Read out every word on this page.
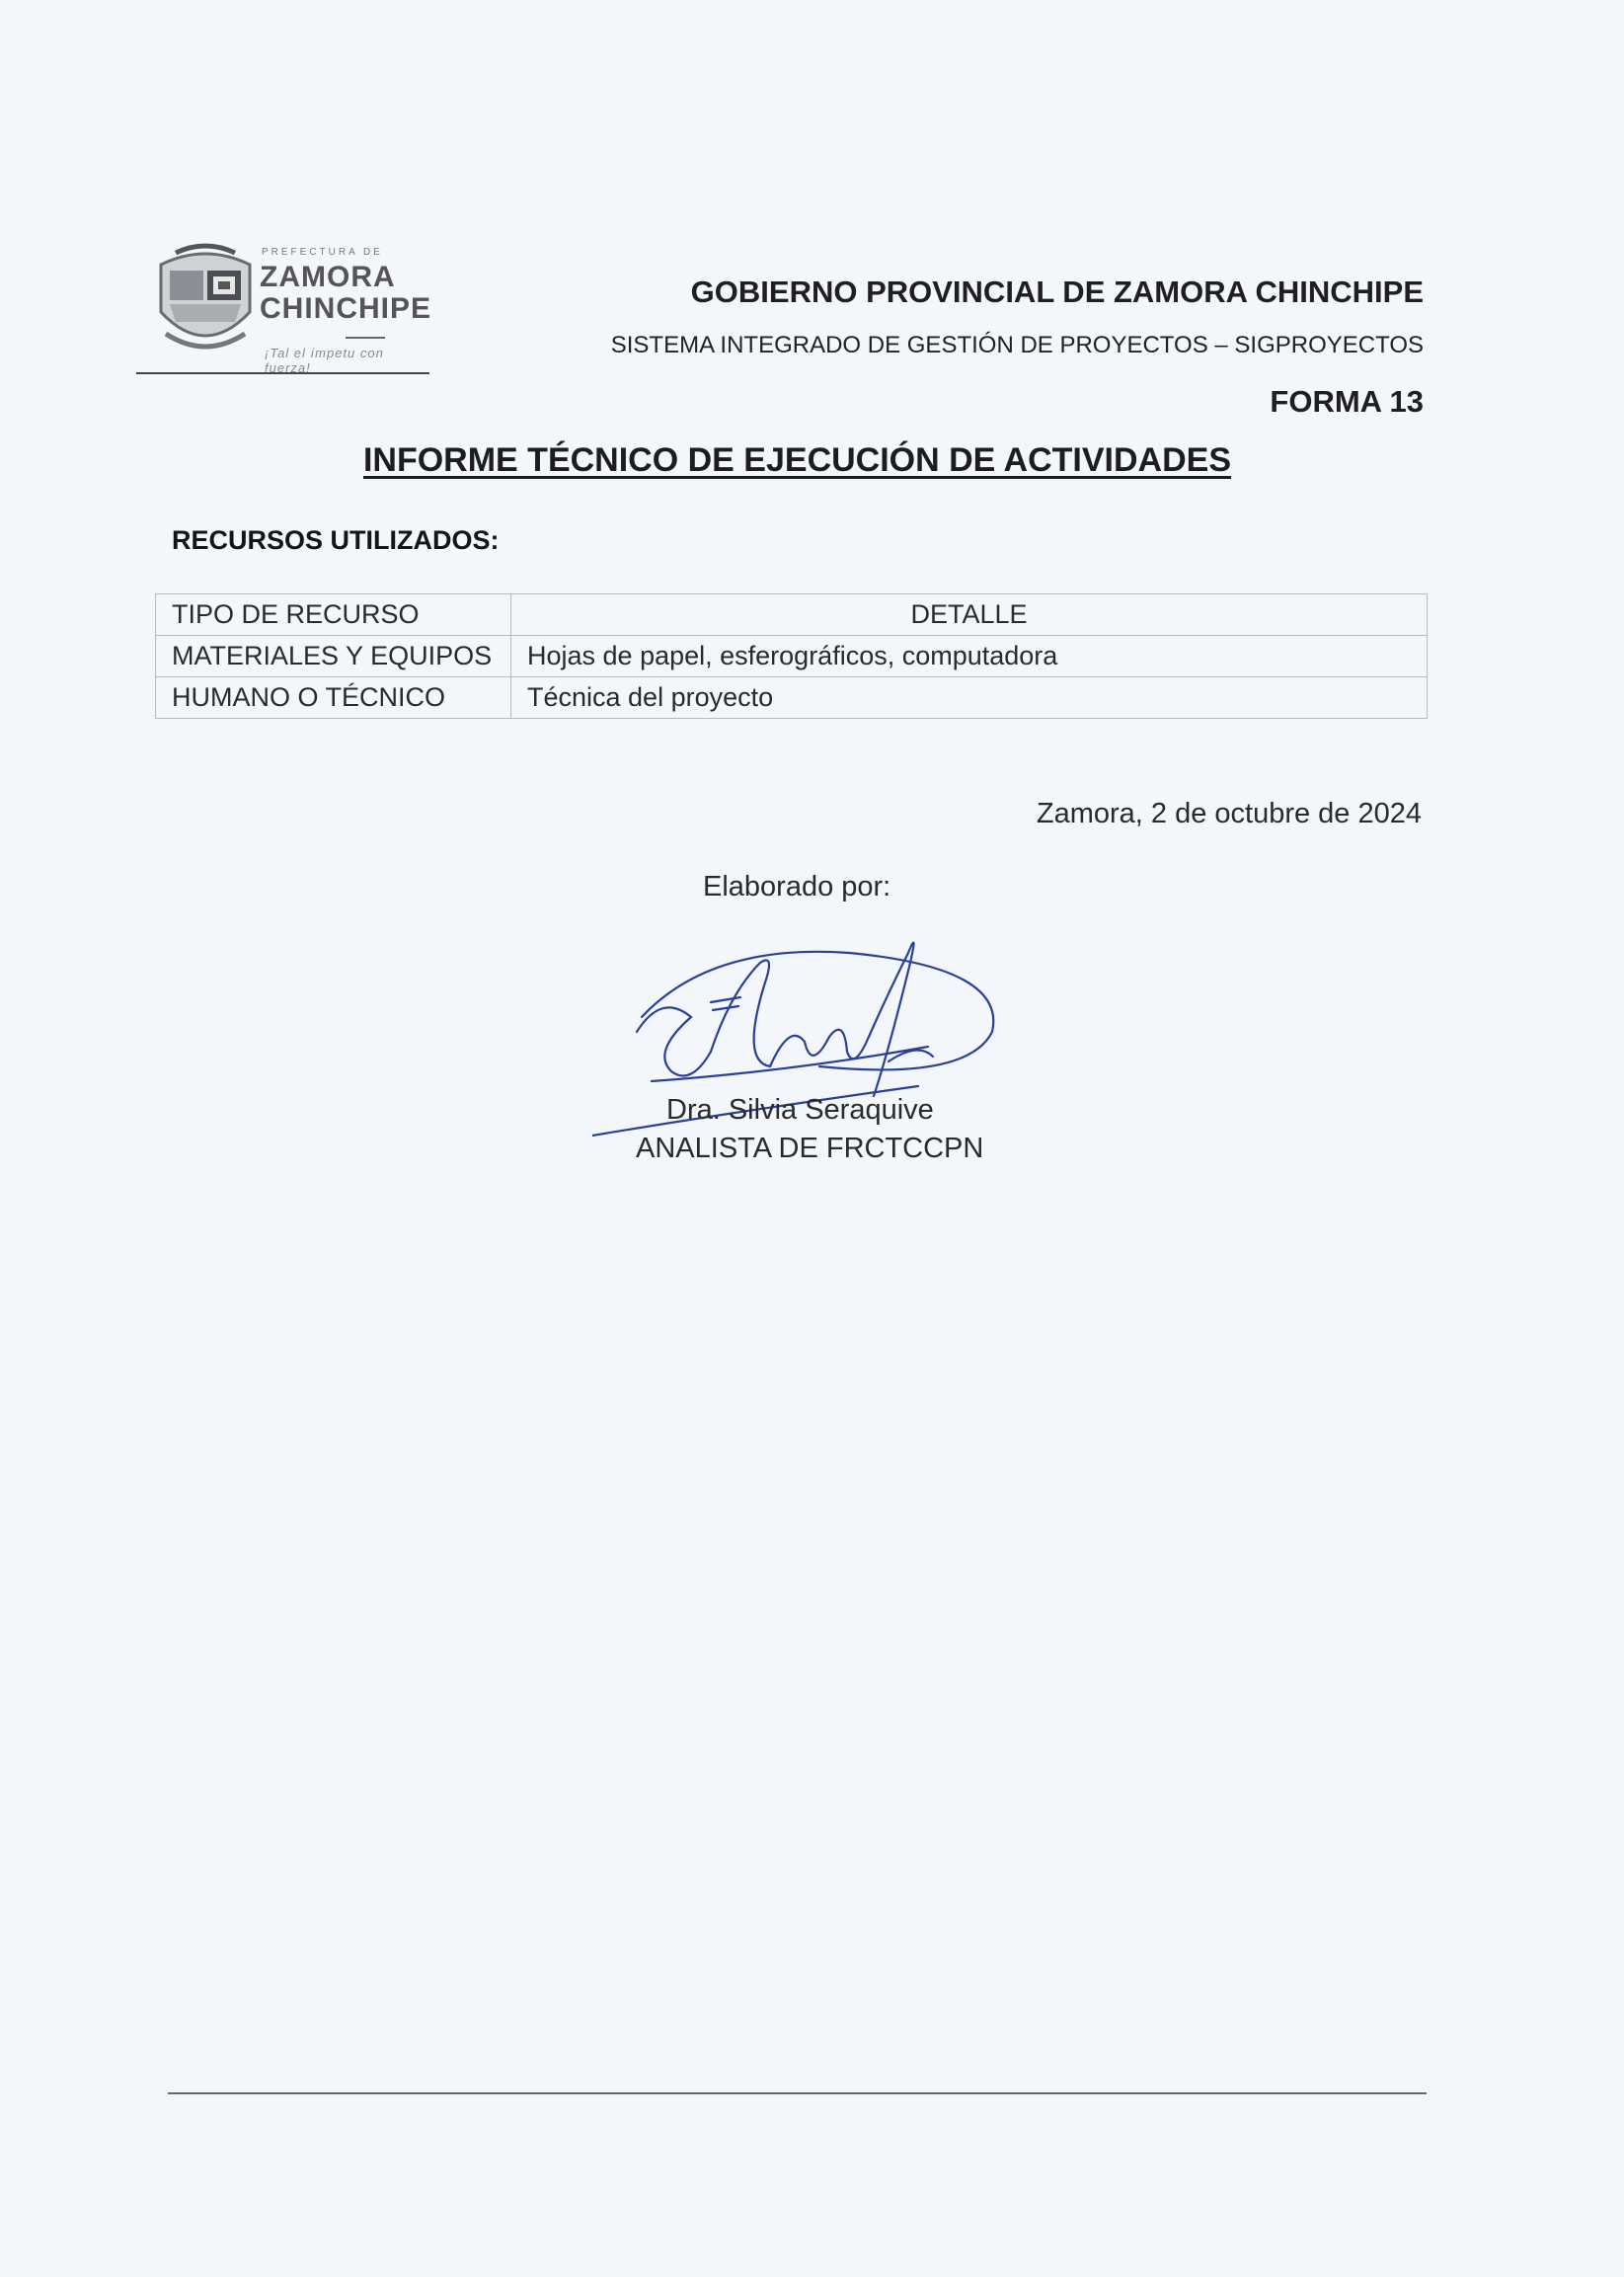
PREFECTURA DE
ZAMORA
CHINCHIPE
¡Tal el ímpetu con fuerza!
GOBIERNO PROVINCIAL DE ZAMORA CHINCHIPE
SISTEMA INTEGRADO DE GESTIÓN DE PROYECTOS – SIGPROYECTOS
FORMA 13
INFORME TÉCNICO DE EJECUCIÓN DE ACTIVIDADES
RECURSOS UTILIZADOS:
TIPO DE RECURSO	DETALLE
MATERIALES Y EQUIPOS	Hojas de papel, esferográficos, computadora
HUMANO O TÉCNICO	Técnica del proyecto
Zamora, 2 de octubre de 2024
Elaborado por:
Dra. Silvia Seraquive
ANALISTA DE FRCTCCPN
